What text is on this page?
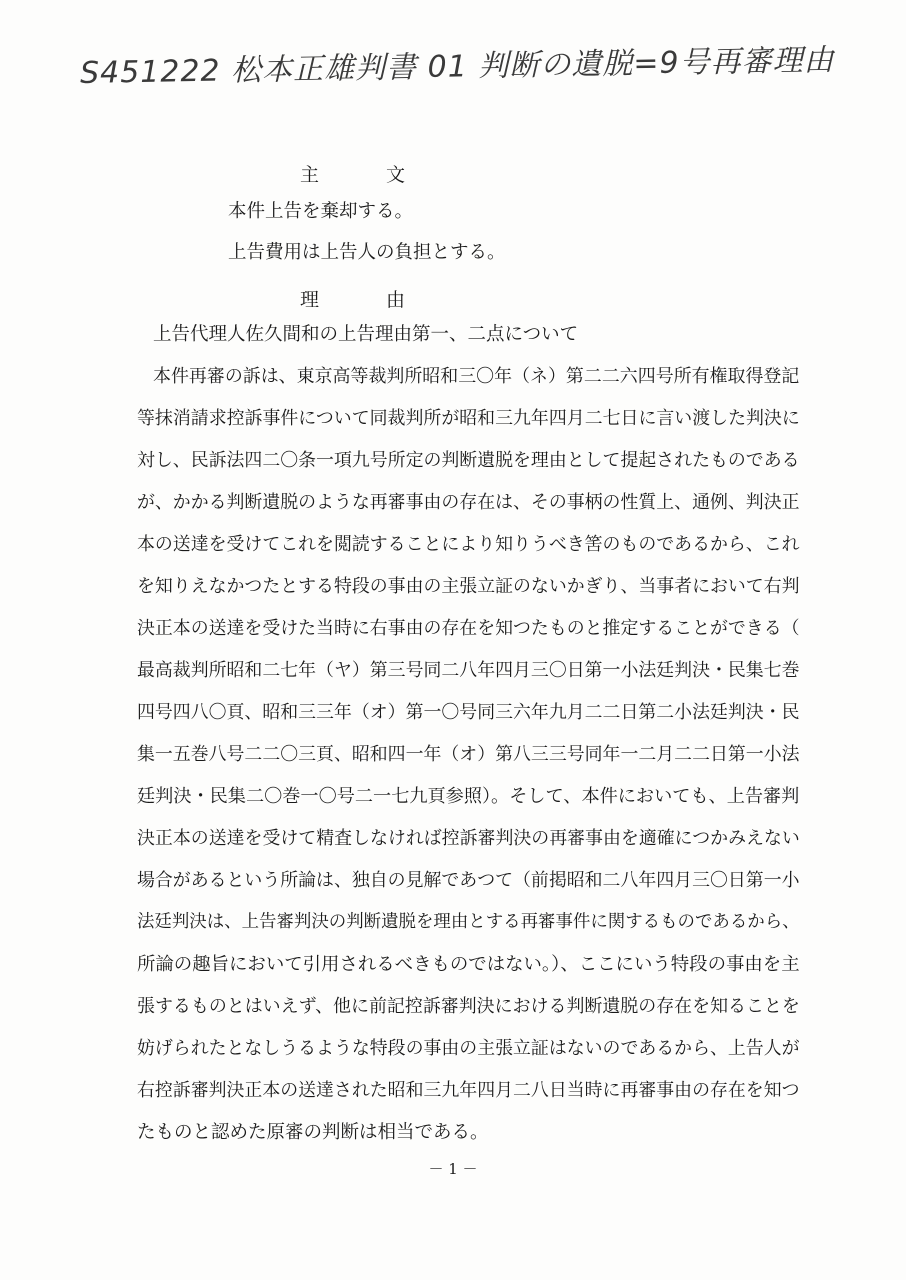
S451222 松本正雄判書 01 判断の遺脱=9号再審理由
主	文
本件上告を棄却する。
上告費用は上告人の負担とする。
理	由
上告代理人佐久間和の上告理由第一、二点について
本件再審の訴は、東京高等裁判所昭和三〇年（ネ）第二二六四号所有権取得登記
等抹消請求控訴事件について同裁判所が昭和三九年四月二七日に言い渡した判決に
対し、民訴法四二〇条一項九号所定の判断遺脱を理由として提起されたものである
が、かかる判断遺脱のような再審事由の存在は、その事柄の性質上、通例、判決正
本の送達を受けてこれを閲読することにより知りうべき筈のものであるから、これ
を知りえなかつたとする特段の事由の主張立証のないかぎり、当事者において右判
決正本の送達を受けた当時に右事由の存在を知つたものと推定することができる（
最高裁判所昭和二七年（ヤ）第三号同二八年四月三〇日第一小法廷判決・民集七巻
四号四八〇頁、昭和三三年（オ）第一〇号同三六年九月二二日第二小法廷判決・民
集一五巻八号二二〇三頁、昭和四一年（オ）第八三三号同年一二月二二日第一小法
廷判決・民集二〇巻一〇号二一七九頁参照）。そして、本件においても、上告審判
決正本の送達を受けて精査しなければ控訴審判決の再審事由を適確につかみえない
場合があるという所論は、独自の見解であつて（前掲昭和二八年四月三〇日第一小
法廷判決は、上告審判決の判断遺脱を理由とする再審事件に関するものであるから、
所論の趣旨において引用されるべきものではない。）、ここにいう特段の事由を主
張するものとはいえず、他に前記控訴審判決における判断遺脱の存在を知ることを
妨げられたとなしうるような特段の事由の主張立証はないのであるから、上告人が
右控訴審判決正本の送達された昭和三九年四月二八日当時に再審事由の存在を知つ
たものと認めた原審の判断は相当である。
－ 1 －
